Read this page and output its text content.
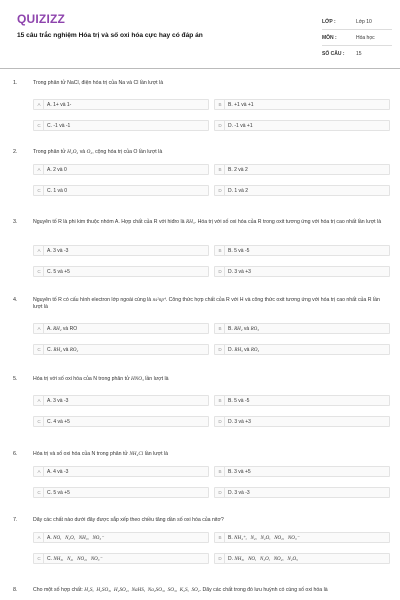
QUIZIZZ
15 câu trắc nghiệm Hóa trị và số oxi hóa cực hay có đáp án
LỚP :	Lớp 10
MÔN :	Hóa học
SỐ CÂU :	15
1.	Trong phân tử NaCl, điện hóa trị của Na và Cl lần lượt là
A	A. 1+ và 1-	B	B. +1 và +1
C	C. -1 và -1	D	D. -1 và +1
2.	Trong phân tử H₂O₂ và O₂, cộng hóa trị của O lần lượt là
A	A. 2 và 0	B	B. 2 và 2
C	C. 1 và 0	D	D. 1 và 2
3.	Nguyên tố R là phi kim thuộc nhóm A. Hợp chất của R với hiđro là RH₃. Hóa trị với số oxi hóa của R trong oxit tương ứng với hóa trị cao nhất lần lượt là
A	A. 3 và -3	B	B. 5 và -5
C	C. 5 và +5	D	D. 3 và +3
4.	Nguyên tố R có cấu hình electron lớp ngoài cùng là ns²np⁴. Công thức hợp chất của R với H và công thức oxit tương ứng với hóa trị cao nhất của R lần lượt là
A	A. RH₂ và RO	B	B. RH₂ và RO₃
C	C. RH₄ và RO₂	D	D. RH₃ và RO₃
5.	Hóa trị với số oxi hóa của N trong phân tử HNO₃ lần lượt là
A	A. 3 và -3	B	B. 5 và -5
C	C. 4 và +5	D	D. 3 và +3
6.	Hóa trị và số oxi hóa của N trong phân tử NH₄Cl lần lượt là
A	A. 4 và -3	B	B. 3 và +5
C	C. 5 và +5	D	D. 3 và -3
7.	Dãy các chất nào dưới đây được sắp xếp theo chiều tăng dần số oxi hóa của nitơ?
A	A. NO,   N₂O,   NH₃,   NO₃⁻	B	B. NH₄⁺,   N₂,   N₂O,   NO₂,   NO₃⁻
C	C. NH₃,   N₂,   NO₂,   NO₃⁻	D	D. NH₃,   NO,   N₂O,   NO₂,   N₂O₅
8.	Cho một số hợp chất: H₂S,  H₂SO₃,  H₂SO₄,  NaHS,  Na₂SO₃,  SO₃,  K₂S,  SO₂. Dãy các chất trong đó lưu huỳnh có cùng số oxi hóa là
